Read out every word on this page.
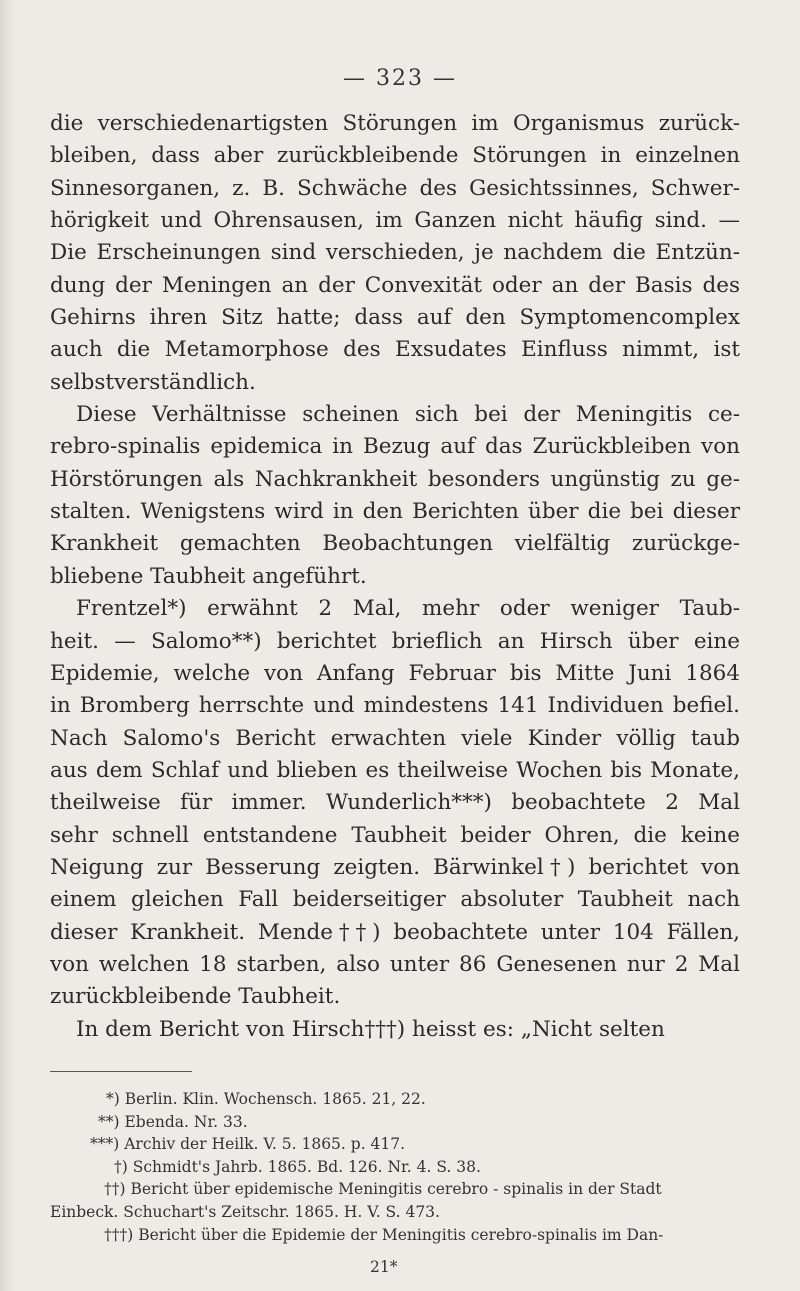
— 323 —
die verschiedenartigsten Störungen im Organismus zurück-
bleiben, dass aber zurückbleibende Störungen in einzelnen
Sinnesorganen, z. B. Schwäche des Gesichtssinnes, Schwer-
hörigkeit und Ohrensausen, im Ganzen nicht häufig sind. —
Die Erscheinungen sind verschieden, je nachdem die Entzün-
dung der Meningen an der Convexität oder an der Basis des
Gehirns ihren Sitz hatte; dass auf den Symptomencomplex
auch die Metamorphose des Exsudates Einfluss nimmt, ist
selbstverständlich.
Diese Verhältnisse scheinen sich bei der Meningitis ce-
rebro-spinalis epidemica in Bezug auf das Zurückbleiben von
Hörstörungen als Nachkrankheit besonders ungünstig zu ge-
stalten. Wenigstens wird in den Berichten über die bei dieser
Krankheit gemachten Beobachtungen vielfältig zurückge-
bliebene Taubheit angeführt.
Frentzel*) erwähnt 2 Mal, mehr oder weniger Taub-
heit. — Salomo**) berichtet brieflich an Hirsch über eine
Epidemie, welche von Anfang Februar bis Mitte Juni 1864
in Bromberg herrschte und mindestens 141 Individuen befiel.
Nach Salomo's Bericht erwachten viele Kinder völlig taub
aus dem Schlaf und blieben es theilweise Wochen bis Monate,
theilweise für immer. Wunderlich***) beobachtete 2 Mal
sehr schnell entstandene Taubheit beider Ohren, die keine
Neigung zur Besserung zeigten. Bärwinkel†) berichtet von
einem gleichen Fall beiderseitiger absoluter Taubheit nach
dieser Krankheit. Mende††) beobachtete unter 104 Fällen,
von welchen 18 starben, also unter 86 Genesenen nur 2 Mal
zurückbleibende Taubheit.
In dem Bericht von Hirsch†††) heisst es: „Nicht selten
*) Berlin. Klin. Wochensch. 1865. 21, 22.
**) Ebenda. Nr. 33.
***) Archiv der Heilk. V. 5. 1865. p. 417.
†) Schmidt's Jahrb. 1865. Bd. 126. Nr. 4. S. 38.
††) Bericht über epidemische Meningitis cerebro - spinalis in der Stadt
Einbeck. Schuchart's Zeitschr. 1865. H. V. S. 473.
†††) Bericht über die Epidemie der Meningitis cerebro-spinalis im Dan-
21*
